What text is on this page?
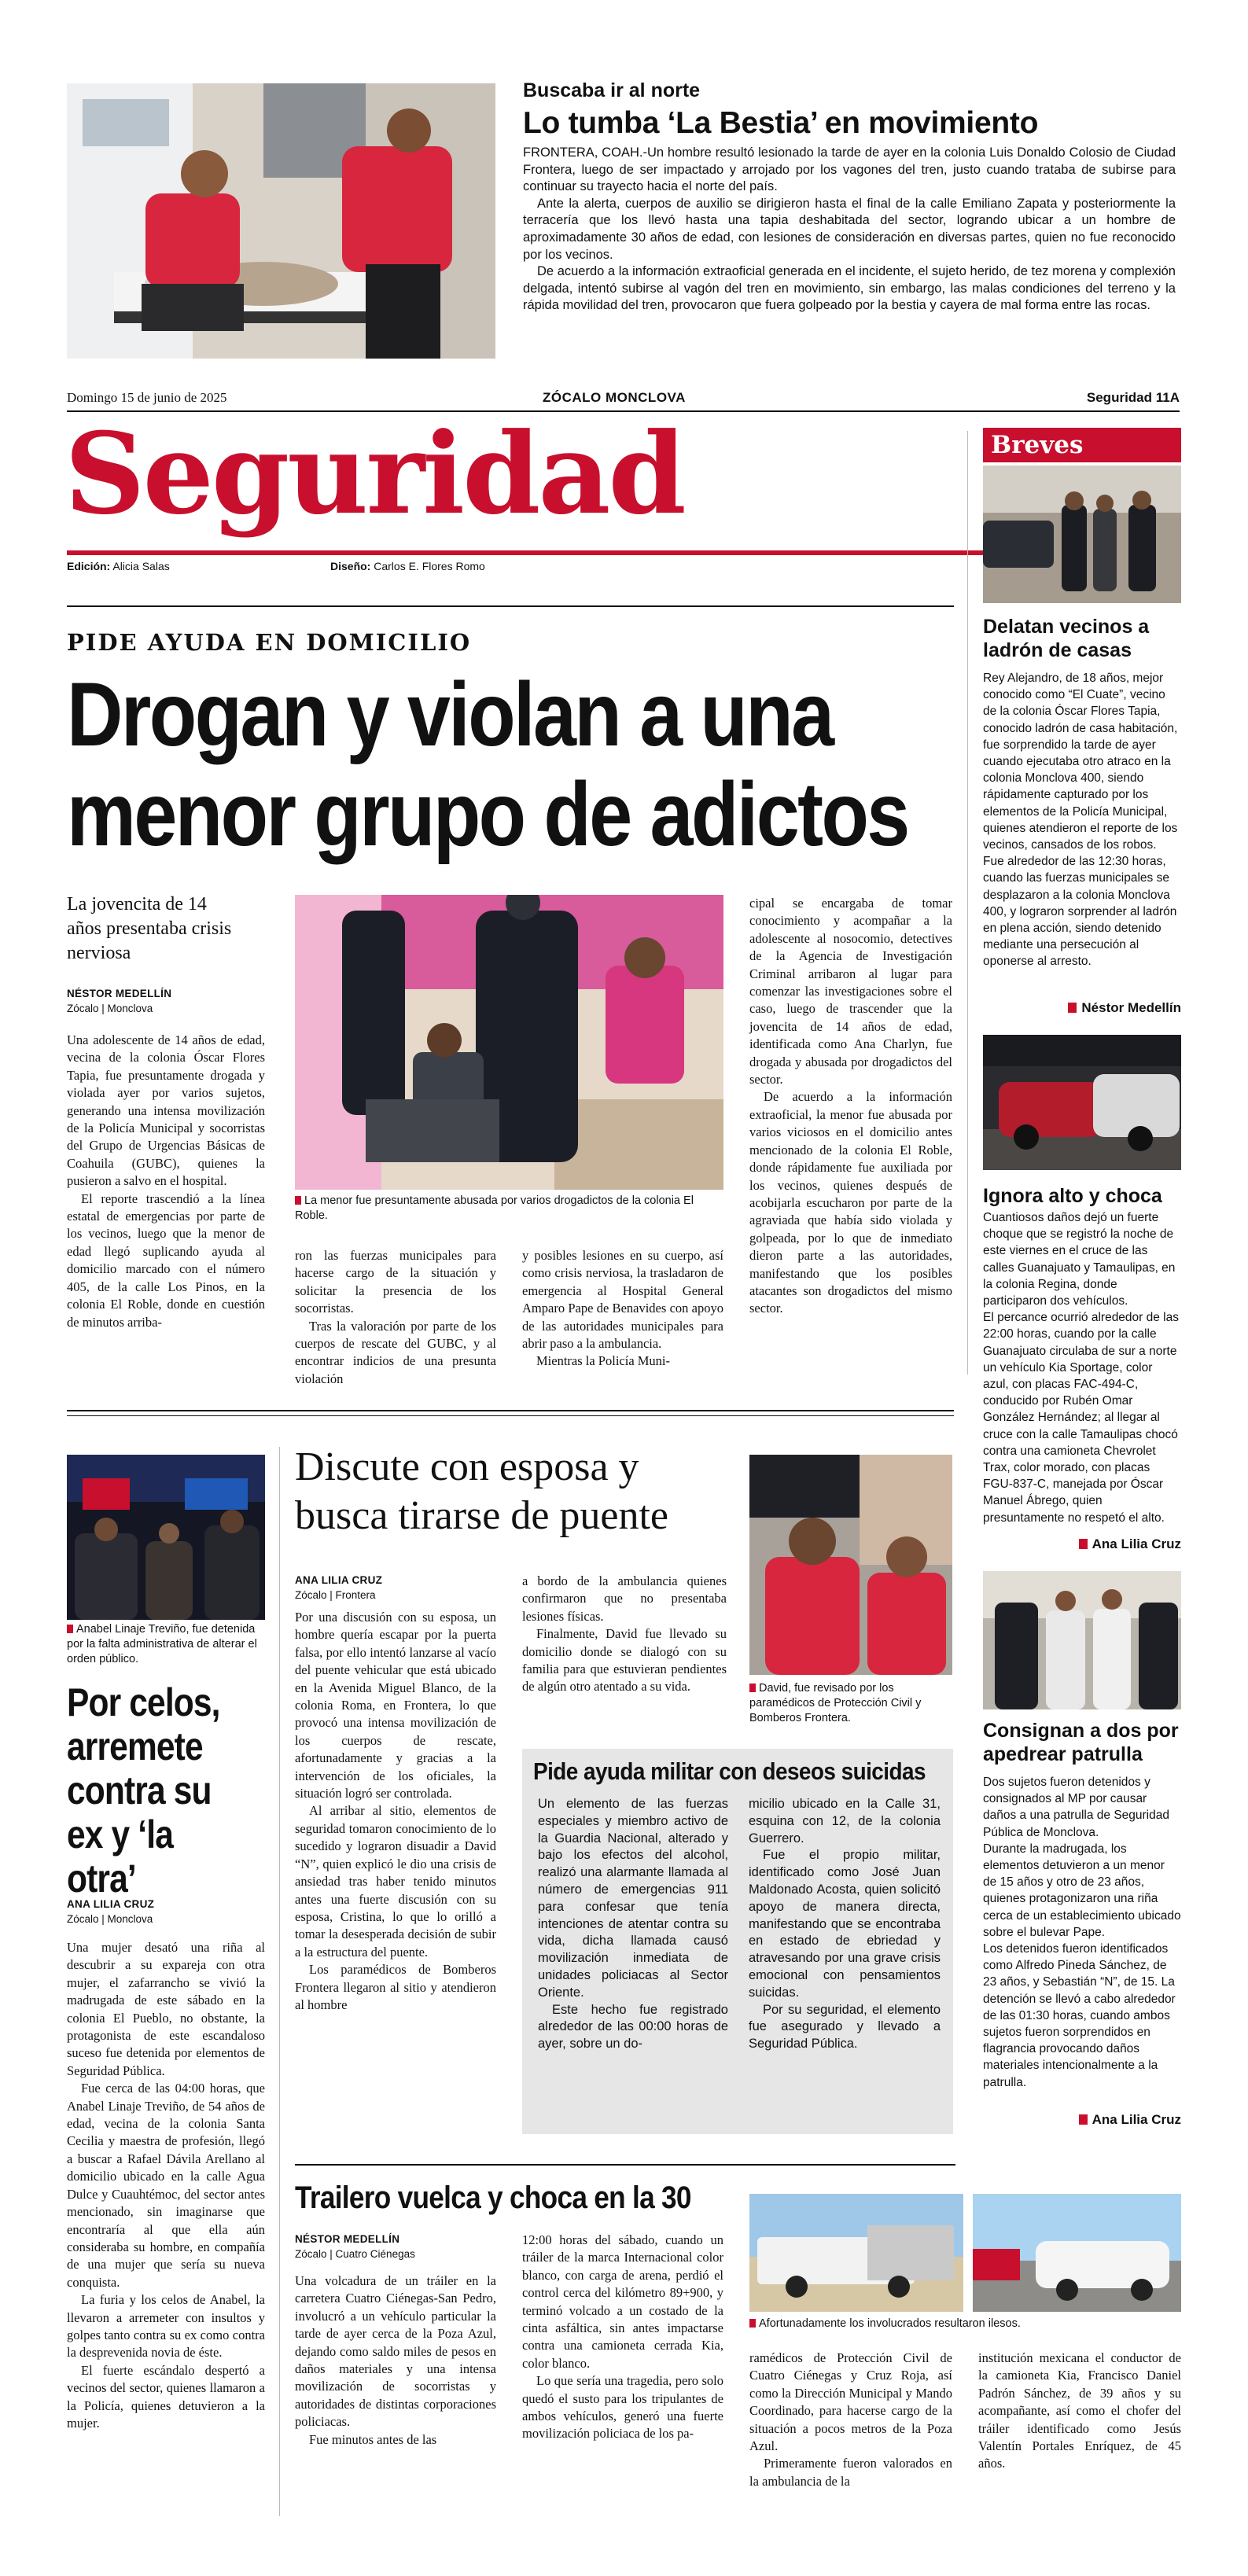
Buscaba ir al norte
Lo tumba ‘La Bestia’ en movimiento

FRONTERA, COAH.-Un hombre resultó lesionado la tarde de ayer en la colonia Luis Donaldo Colosio de Ciudad Frontera, luego de ser impactado y arrojado por los vagones del tren, justo cuando trataba de subirse para continuar su trayecto hacia el norte del país.

Ante la alerta, cuerpos de auxilio se dirigieron hasta el final de la calle Emiliano Zapata y posteriormente la terracería que los llevó hasta una tapia deshabitada del sector, logrando ubicar a un hombre de aproximadamente 30 años de edad, con lesiones de consideración en diversas partes, quien no fue reconocido por los vecinos.

De acuerdo a la información extraoficial generada en el incidente, el sujeto herido, de tez morena y complexión delgada, intentó subirse al vagón del tren en movimiento, sin embargo, las malas condiciones del terreno y la rápida movilidad del tren, provocaron que fuera golpeado por la bestia y cayera de mal forma entre las rocas.

Domingo 15 de junio de 2025	ZÓCALO MONCLOVA	Seguridad 11A
Seguridad
Edición: Alicia Salas	Diseño: Carlos E. Flores Romo
PIDE AYUDA EN DOMICILIO
Drogan y violan a una
menor grupo de adictos
La jovencita de 14 años presentaba crisis nerviosa
NÉSTOR MEDELLÍN
Zócalo | Monclova
La menor fue presuntamente abusada por varios drogadictos de la colonia El Roble.

Una adolescente de 14 años de edad, vecina de la colonia Óscar Flores Tapia, fue presuntamente drogada y violada ayer por varios sujetos, generando una intensa movilización de la Policía Municipal y socorristas del Grupo de Urgencias Básicas de Coahuila (GUBC), quienes la pusieron a salvo en el hospital.

El reporte trascendió a la línea estatal de emergencias por parte de los vecinos, luego que la menor de edad llegó suplicando ayuda al domicilio marcado con el número 405, de la calle Los Pinos, en la colonia El Roble, donde en cuestión de minutos arriba-

ron las fuerzas municipales para hacerse cargo de la situación y solicitar la presencia de los socorristas.

Tras la valoración por parte de los cuerpos de rescate del GUBC, y al encontrar indicios de una presunta violación

y posibles lesiones en su cuerpo, así como crisis nerviosa, la trasladaron de emergencia al Hospital General Amparo Pape de Benavides con apoyo de las autoridades municipales para abrir paso a la ambulancia.

Mientras la Policía Muni-

cipal se encargaba de tomar conocimiento y acompañar a la adolescente al nosocomio, detectives de la Agencia de Investigación Criminal arribaron al lugar para comenzar las investigaciones sobre el caso, luego de trascender que la jovencita de 14 años de edad, identificada como Ana Charlyn, fue drogada y abusada por drogadictos del sector.

De acuerdo a la información extraoficial, la menor fue abusada por varios viciosos en el domicilio antes mencionado de la colonia El Roble, donde rápidamente fue auxiliada por los vecinos, quienes después de acobijarla escucharon por parte de la agraviada que había sido violada y golpeada, por lo que de inmediato dieron parte a las autoridades, manifestando que los posibles atacantes son drogadictos del mismo sector.

Breves
Delatan vecinos a ladrón de casas
Rey Alejandro, de 18 años, mejor conocido como “El Cuate”, vecino de la colonia Óscar Flores Tapia, conocido ladrón de casa habitación, fue sorprendido la tarde de ayer cuando ejecutaba otro atraco en la colonia Monclova 400, siendo rápidamente capturado por los elementos de la Policía Municipal, quienes atendieron el reporte de los vecinos, cansados de los robos.
Fue alrededor de las 12:30 horas, cuando las fuerzas municipales se desplazaron a la colonia Monclova 400, y lograron sorprender al ladrón en plena acción, siendo detenido mediante una persecución al oponerse al arresto.
Néstor Medellín
Ignora alto y choca
Cuantiosos daños dejó un fuerte choque que se registró la noche de este viernes en el cruce de las calles Guanajuato y Tamaulipas, en la colonia Regina, donde participaron dos vehículos.
El percance ocurrió alrededor de las 22:00 horas, cuando por la calle Guanajuato circulaba de sur a norte un vehículo Kia Sportage, color azul, con placas FAC-494-C, conducido por Rubén Omar González Hernández; al llegar al cruce con la calle Tamaulipas chocó contra una camioneta Chevrolet Trax, color morado, con placas FGU-837-C, manejada por Óscar Manuel Ábrego, quien presuntamente no respetó el alto.
Ana Lilia Cruz
Consignan a dos por apedrear patrulla
Dos sujetos fueron detenidos y consignados al MP por causar daños a una patrulla de Seguridad Pública de Monclova.
Durante la madrugada, los elementos detuvieron a un menor de 15 años y otro de 23 años, quienes protagonizaron una riña cerca de un establecimiento ubicado sobre el bulevar Pape.
Los detenidos fueron identificados como Alfredo Pineda Sánchez, de 23 años, y Sebastián “N”, de 15. La detención se llevó a cabo alrededor de las 01:30 horas, cuando ambos sujetos fueron sorprendidos en flagrancia provocando daños materiales intencionalmente a la patrulla.
Ana Lilia Cruz
Anabel Linaje Treviño, fue detenida por la falta administrativa de alterar el orden público.
Por celos, arremete contra su ex y ‘la otra’
ANA LILIA CRUZ
Zócalo | Monclova

Una mujer desató una riña al descubrir a su expareja con otra mujer, el zafarrancho se vivió la madrugada de este sábado en la colonia El Pueblo, no obstante, la protagonista de este escandaloso suceso fue detenida por elementos de Seguridad Pública.

Fue cerca de las 04:00 horas, que Anabel Linaje Treviño, de 54 años de edad, vecina de la colonia Santa Cecilia y maestra de profesión, llegó a buscar a Rafael Dávila Arellano al domicilio ubicado en la calle Agua Dulce y Cuauhtémoc, del sector antes mencionado, sin imaginarse que encontraría al que ella aún consideraba su hombre, en compañía de una mujer que sería su nueva conquista.

La furia y los celos de Anabel, la llevaron a arremeter con insultos y golpes tanto contra su ex como contra la desprevenida novia de éste.

El fuerte escándalo despertó a vecinos del sector, quienes llamaron a la Policía, quienes detuvieron a la mujer.

Discute con esposa y
busca tirarse de puente
ANA LILIA CRUZ
Zócalo | Frontera

Por una discusión con su esposa, un hombre quería escapar por la puerta falsa, por ello intentó lanzarse al vacío del puente vehicular que está ubicado en la Avenida Miguel Blanco, de la colonia Roma, en Frontera, lo que provocó una intensa movilización de los cuerpos de rescate, afortunadamente y gracias a la intervención de los oficiales, la situación logró ser controlada.

Al arribar al sitio, elementos de seguridad tomaron conocimiento de lo sucedido y lograron disuadir a David “N”, quien explicó le dio una crisis de ansiedad tras haber tenido minutos antes una fuerte discusión con su esposa, Cristina, lo que lo orilló a tomar la desesperada decisión de subir a la estructura del puente.

Los paramédicos de Bomberos Frontera llegaron al sitio y atendieron al hombre

a bordo de la ambulancia quienes confirmaron que no presentaba lesiones físicas.

Finalmente, David fue llevado su domicilio donde se dialogó con su familia para que estuvieran pendientes de algún otro atentado a su vida.	David, fue revisado por los paramédicos de Protección Civil y Bomberos Frontera.
Pide ayuda militar con deseos suicidas

Un elemento de las fuerzas especiales y miembro activo de la Guardia Nacional, alterado y bajo los efectos del alcohol, realizó una alarmante llamada al número de emergencias 911 para confesar que tenía intenciones de atentar contra su vida, dicha llamada causó movilización inmediata de unidades policiacas al Sector Oriente.

Este hecho fue registrado alrededor de las 00:00 horas de ayer, sobre un do-

micilio ubicado en la Calle 31, esquina con 12, de la colonia Guerrero.

Fue el propio militar, identificado como José Juan Maldonado Acosta, quien solicitó apoyo de manera directa, manifestando que se encontraba en estado de ebriedad y atravesando por una grave crisis emocional con pensamientos suicidas.

Por su seguridad, el elemento fue asegurado y llevado a Seguridad Pública.

Trailero vuelca y choca en la 30
NÉSTOR MEDELLÍN
Zócalo | Cuatro Ciénegas

Una volcadura de un tráiler en la carretera Cuatro Ciénegas-San Pedro, involucró a un vehículo particular la tarde de ayer cerca de la Poza Azul, dejando como saldo miles de pesos en daños materiales y una intensa movilización de socorristas y autoridades de distintas corporaciones policiacas.

Fue minutos antes de las

12:00 horas del sábado, cuando un tráiler de la marca Internacional color blanco, con carga de arena, perdió el control cerca del kilómetro 89+900, y terminó volcado a un costado de la cinta asfáltica, sin antes impactarse contra una camioneta cerrada Kia, color blanco.

Lo que sería una tragedia, pero solo quedó el susto para los tripulantes de ambos vehículos, generó una fuerte movilización policiaca de los pa-

Afortunadamente los involucrados resultaron ilesos.

ramédicos de Protección Civil de Cuatro Ciénegas y Cruz Roja, así como la Dirección Municipal y Mando Coordinado, para hacerse cargo de la situación a pocos metros de la Poza Azul.

Primeramente fueron valorados en la ambulancia de la

institución mexicana el conductor de la camioneta Kia, Francisco Daniel Padrón Sánchez, de 39 años y su acompañante, así como el chofer del tráiler identificado como Jesús Valentín Portales Enríquez, de 45 años.
